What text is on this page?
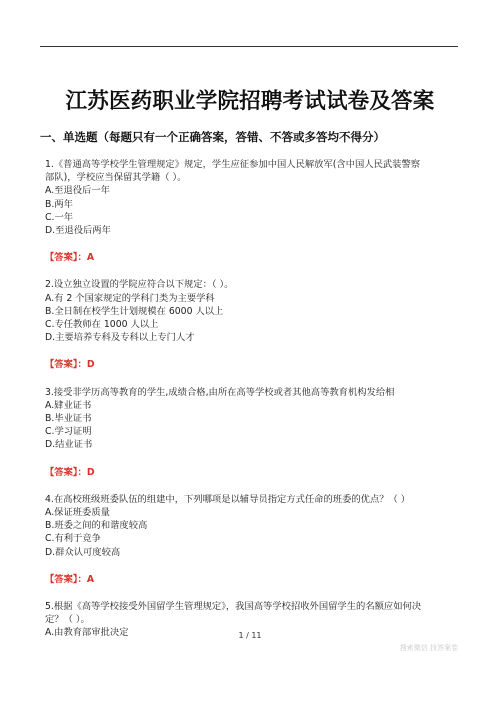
江苏医药职业学院招聘考试试卷及答案
一、单选题（每题只有一个正确答案，答错、不答或多答均不得分）
1.《普通高等学校学生管理规定》规定，学生应征参加中国人民解放军(含中国人民武装警察
部队)，学校应当保留其学籍（ ）。
A.至退役后一年
B.两年
C.一年
D.至退役后两年
【答案】：A
2.设立独立设置的学院应符合以下规定：（ ）。
A.有 2 个国家规定的学科门类为主要学科
B.全日制在校学生计划规模在 6000 人以上
C.专任教师在 1000 人以上
D.主要培养专科及专科以上专门人才
【答案】：D
3.接受非学历高等教育的学生,成绩合格,由所在高等学校或者其他高等教育机构发给相
A.肄业证书
B.毕业证书
C.学习证明
D.结业证书
【答案】：D
4.在高校班级班委队伍的组建中，下列哪项是以辅导员指定方式任命的班委的优点？（ ）
A.保证班委质量
B.班委之间的和谐度较高
C.有利于竞争
D.群众认可度较高
【答案】：A
5.根据《高等学校接受外国留学生管理规定》，我国高等学校招收外国留学生的名额应如何决
定？（ ）。
A.由教育部审批决定	1 / 11
搜索微信 找答案卷
